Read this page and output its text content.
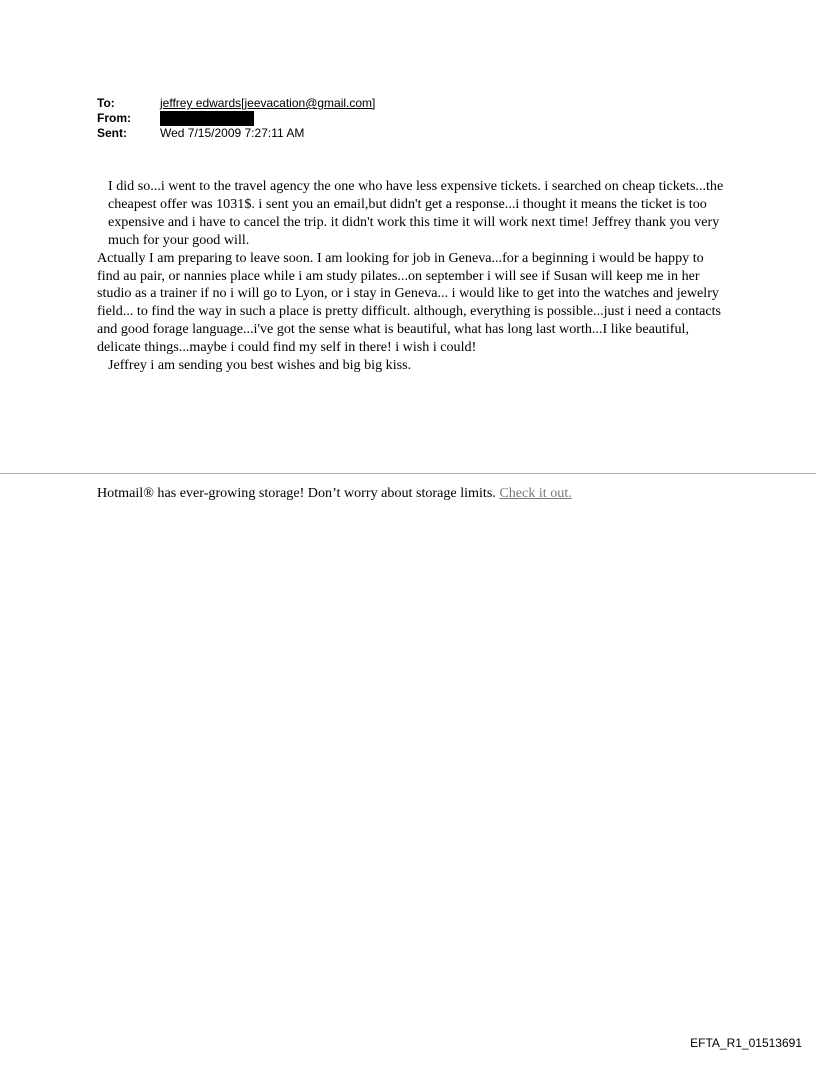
To:	jeffrey edwards[jeevacation@gmail.com]
From:
Sent:	Wed 7/15/2009 7:27:11 AM

I did so...i went to the travel agency the one who have less expensive tickets. i searched on cheap tickets...the cheapest offer was 1031$. i sent you an email,but didn't get a response...i thought it means the ticket is too expensive and i have to cancel the trip. it didn't work this time it will work next time! Jeffrey thank you very much for your good will.

Actually I am preparing to leave soon. I am looking for job in Geneva...for a beginning i would be happy to find au pair, or nannies place while i am study pilates...on september i will see if Susan will keep me in her studio as a trainer if no i will go to Lyon, or i stay in Geneva... i would like to get into the watches and jewelry field... to find the way in such a place is pretty difficult. although, everything is possible...just i need a contacts and good forage language...i've got the sense what is beautiful, what has long last worth...I like beautiful, delicate things...maybe i could find my self in there! i wish i could!

Jeffrey i am sending you best wishes and big big kiss.

Hotmail® has ever-growing storage! Don’t worry about storage limits. Check it out.
EFTA_R1_01513691
